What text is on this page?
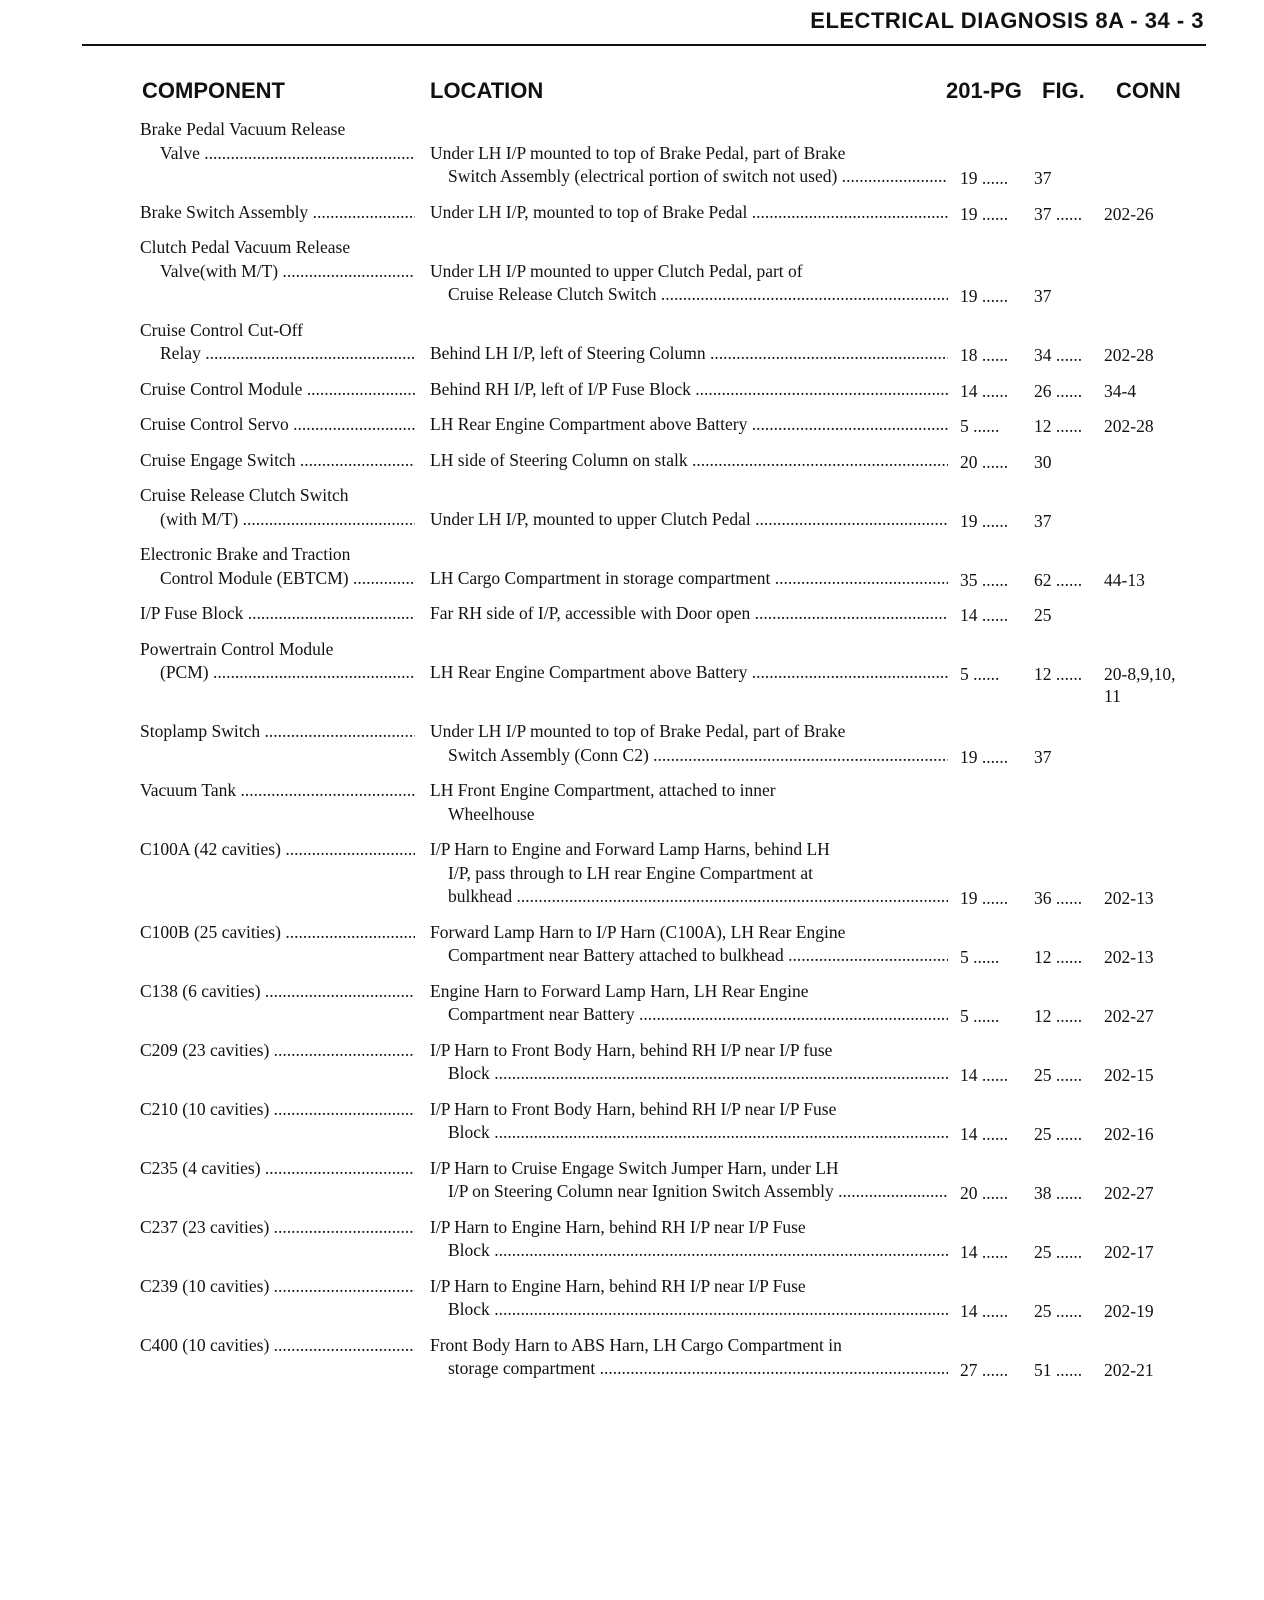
ELECTRICAL DIAGNOSIS 8A - 34 - 3
COMPONENT	LOCATION	201-PG FIG. CONN
Brake Pedal Vacuum Release
Valve .....	Under LH I/P mounted to top of Brake Pedal, part of Brake
Switch Assembly (electrical portion of switch not used) .....	19 ......	37
Brake Switch Assembly .....	Under LH I/P, mounted to top of Brake Pedal .....	19 ......	37 ......	202-26
Clutch Pedal Vacuum Release
Valve(with M/T) .....	Under LH I/P mounted to upper Clutch Pedal, part of
Cruise Release Clutch Switch .....	19 ......	37
Cruise Control Cut-Off
Relay .....	Behind LH I/P, left of Steering Column .....	18 ......	34 ......	202-28
Cruise Control Module .....	Behind RH I/P, left of I/P Fuse Block .....	14 ......	26 ......	34-4
Cruise Control Servo .....	LH Rear Engine Compartment above Battery .....	5 ......	12 ......	202-28
Cruise Engage Switch .....	LH side of Steering Column on stalk .....	20 ......	30
Cruise Release Clutch Switch
(with M/T) .....	Under LH I/P, mounted to upper Clutch Pedal .....	19 ......	37
Electronic Brake and Traction
Control Module (EBTCM) .....	LH Cargo Compartment in storage compartment .....	35 ......	62 ......	44-13
I/P Fuse Block .....	Far RH side of I/P, accessible with Door open .....	14 ......	25
Powertrain Control Module
(PCM) .....	LH Rear Engine Compartment above Battery .....	5 ......	12 ......	20-8,9,10, 11
Stoplamp Switch .....	Under LH I/P mounted to top of Brake Pedal, part of Brake
Switch Assembly (Conn C2) .....	19 ......	37
Vacuum Tank .....	LH Front Engine Compartment, attached to inner
Wheelhouse
C100A (42 cavities) .....	I/P Harn to Engine and Forward Lamp Harns, behind LH
I/P, pass through to LH rear Engine Compartment at
bulkhead .....	19 ......	36 ......	202-13
C100B (25 cavities) .....	Forward Lamp Harn to I/P Harn (C100A), LH Rear Engine
Compartment near Battery attached to bulkhead .....	5 ......	12 ......	202-13
C138 (6 cavities) .....	Engine Harn to Forward Lamp Harn, LH Rear Engine
Compartment near Battery .....	5 ......	12 ......	202-27
C209 (23 cavities) .....	I/P Harn to Front Body Harn, behind RH I/P near I/P fuse
Block .....	14 ......	25 ......	202-15
C210 (10 cavities) .....	I/P Harn to Front Body Harn, behind RH I/P near I/P Fuse
Block .....	14 ......	25 ......	202-16
C235 (4 cavities) .....	I/P Harn to Cruise Engage Switch Jumper Harn, under LH
I/P on Steering Column near Ignition Switch Assembly .....	20 ......	38 ......	202-27
C237 (23 cavities) .....	I/P Harn to Engine Harn, behind RH I/P near I/P Fuse
Block .....	14 ......	25 ......	202-17
C239 (10 cavities) .....	I/P Harn to Engine Harn, behind RH I/P near I/P Fuse
Block .....	14 ......	25 ......	202-19
C400 (10 cavities) .....	Front Body Harn to ABS Harn, LH Cargo Compartment in
storage compartment .....	27 ......	51 ......	202-21
